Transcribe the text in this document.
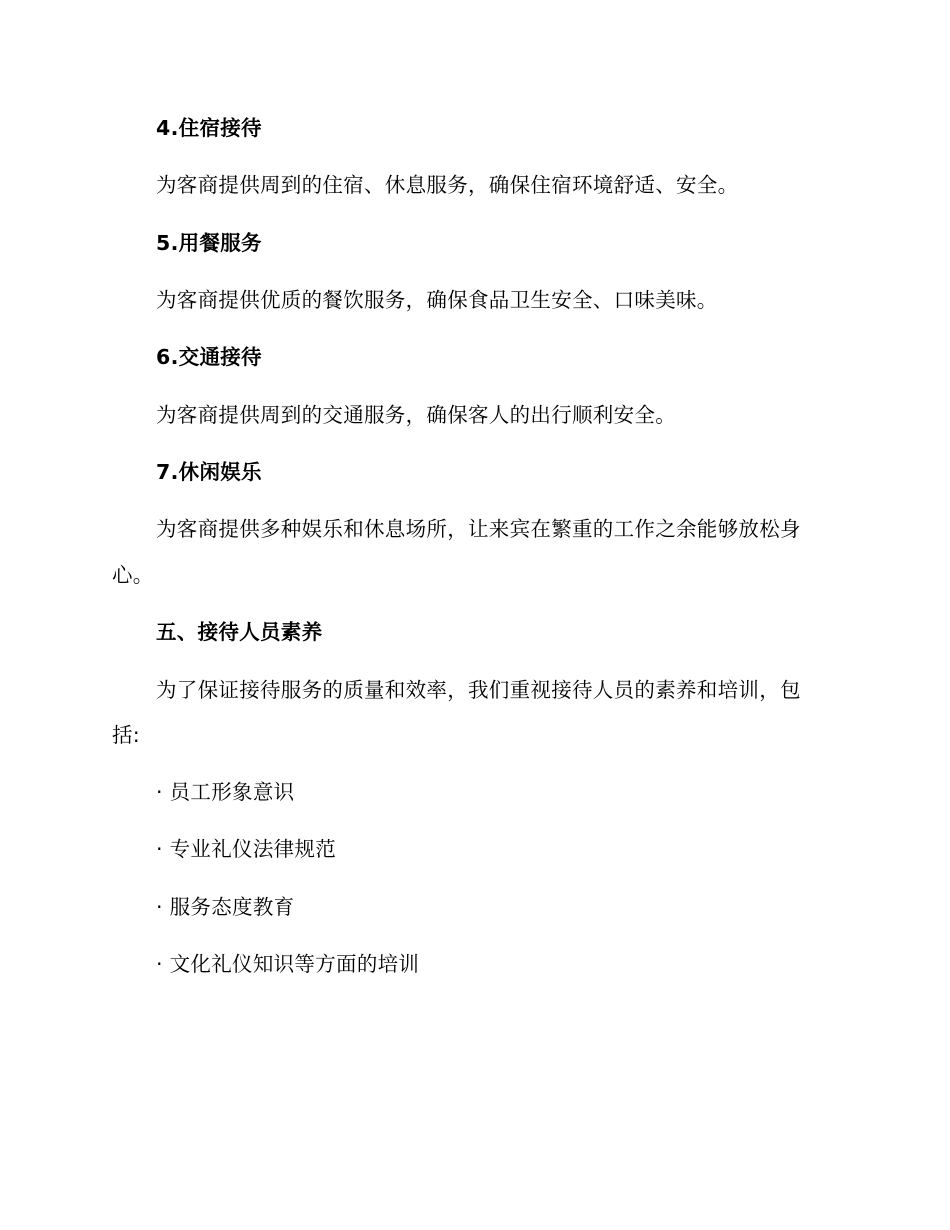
4.住宿接待
为客商提供周到的住宿、休息服务，确保住宿环境舒适、安全。
5.用餐服务
为客商提供优质的餐饮服务，确保食品卫生安全、口味美味。
6.交通接待
为客商提供周到的交通服务，确保客人的出行顺利安全。
7.休闲娱乐
为客商提供多种娱乐和休息场所，让来宾在繁重的工作之余能够放松身
心。
五、接待人员素养
为了保证接待服务的质量和效率，我们重视接待人员的素养和培训，包
括:
· 员工形象意识
· 专业礼仪法律规范
· 服务态度教育
· 文化礼仪知识等方面的培训
